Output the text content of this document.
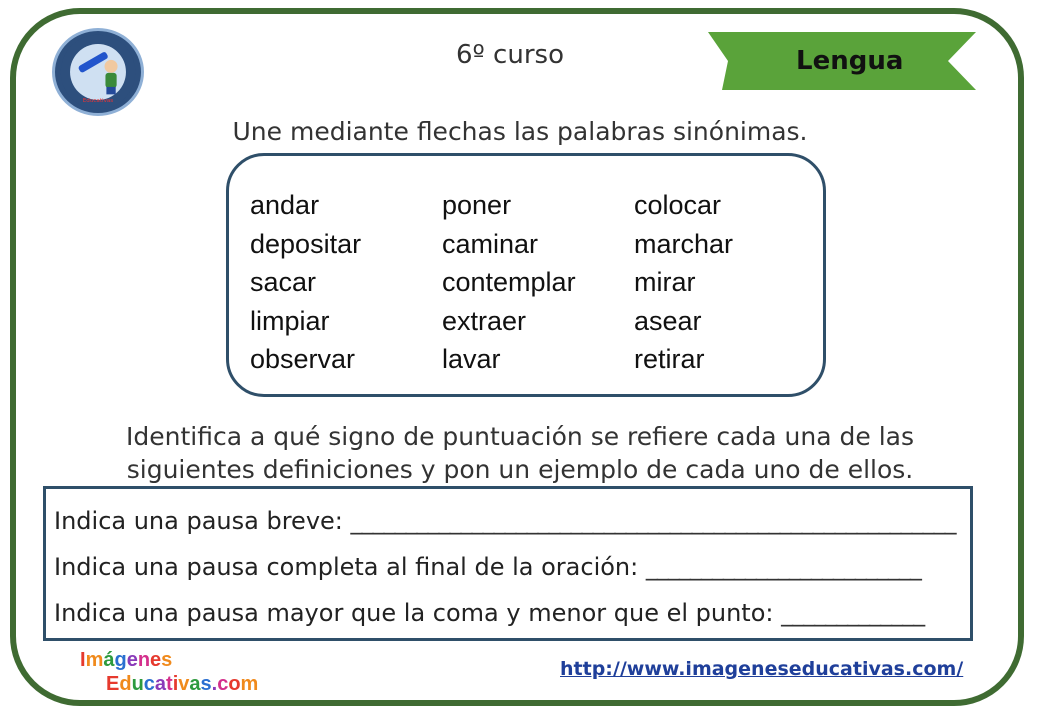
Educativas
6º curso	Lengua
Une mediante flechas las palabras sinónimas.
andar
depositar
sacar
limpiar
observar
poner
caminar
contemplar
extraer
lavar
colocar
marchar
mirar
asear
retirar
Identifica a qué signo de puntuación se refiere cada una de las
siguientes definiciones y pon un ejemplo de cada uno de ellos.
Indica una pausa breve: _______________________________________________________
Indica una pausa completa al final de la oración: _________________________
Indica una pausa mayor que la coma y menor que el punto: _____________
Imágenes
Educativas.com
http://www.imageneseducativas.com/
